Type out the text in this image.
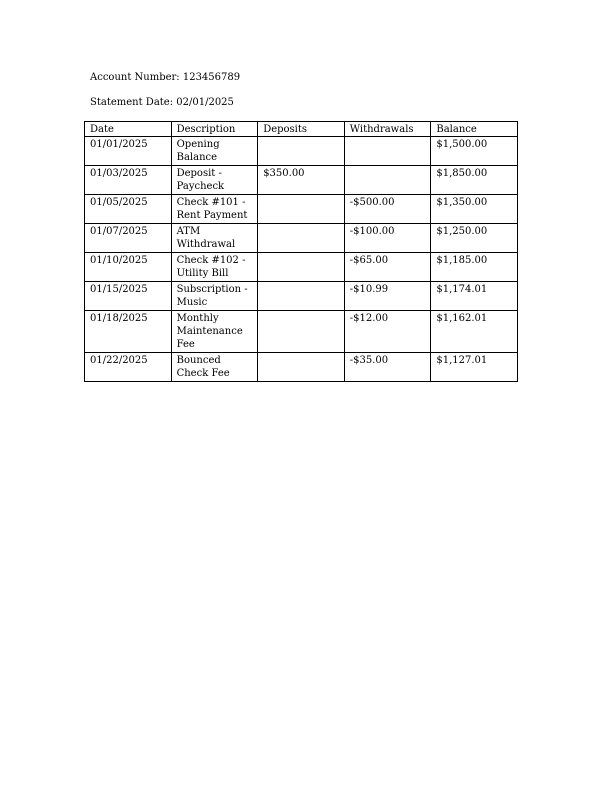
Account Number: 123456789
Statement Date: 02/01/2025
Date	Description	Deposits	Withdrawals	Balance
01/01/2025	Opening Balance			$1,500.00
01/03/2025	Deposit - Paycheck	$350.00		$1,850.00
01/05/2025	Check #101 - Rent Payment		-$500.00	$1,350.00
01/07/2025	ATM Withdrawal		-$100.00	$1,250.00
01/10/2025	Check #102 - Utility Bill		-$65.00	$1,185.00
01/15/2025	Subscription - Music		-$10.99	$1,174.01
01/18/2025	Monthly Maintenance Fee		-$12.00	$1,162.01
01/22/2025	Bounced Check Fee		-$35.00	$1,127.01
